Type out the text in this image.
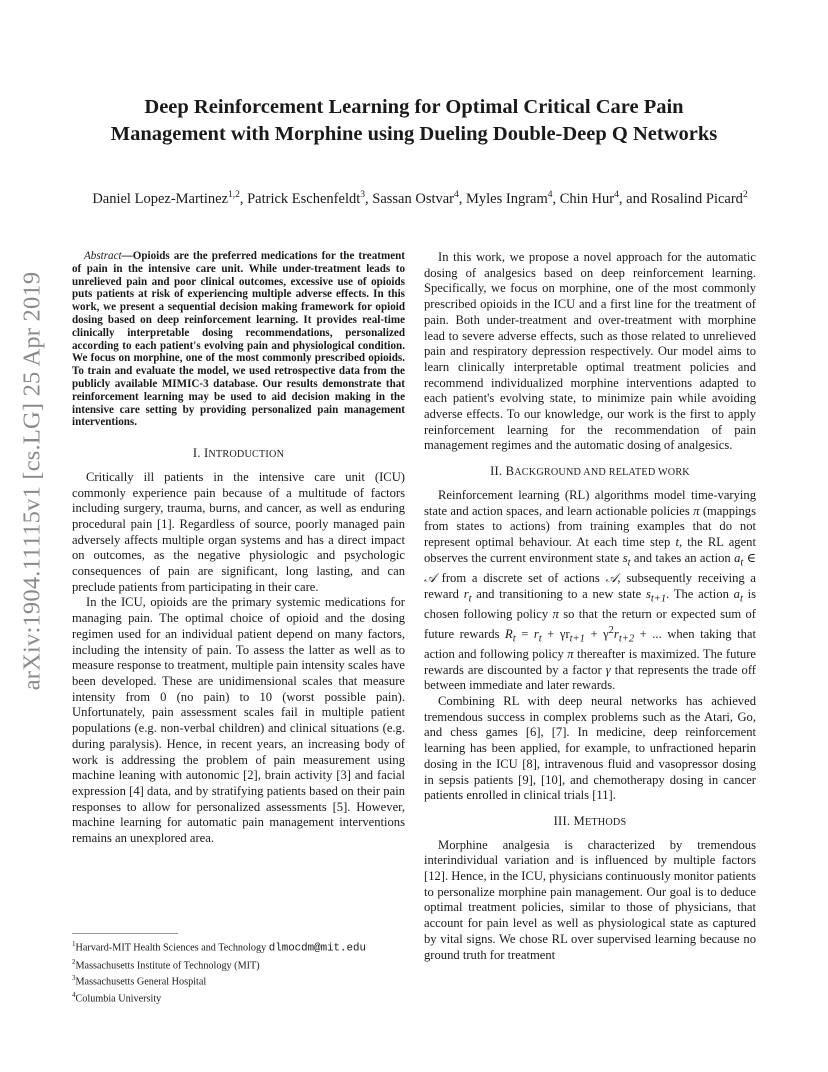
arXiv:1904.11115v1 [cs.LG] 25 Apr 2019
Deep Reinforcement Learning for Optimal Critical Care Pain
Management with Morphine using Dueling Double-Deep Q Networks
Daniel Lopez-Martinez$^{1,2}$, Patrick Eschenfeldt$^3$, Sassan Ostvar$^4$, Myles Ingram$^4$, Chin Hur$^4$, and Rosalind Picard$^2$

Abstract—Opioids are the preferred medications for the treatment of pain in the intensive care unit. While under-treatment leads to unrelieved pain and poor clinical outcomes, excessive use of opioids puts patients at risk of experiencing multiple adverse effects. In this work, we present a sequential decision making framework for opioid dosing based on deep reinforcement learning. It provides real-time clinically interpretable dosing recommendations, personalized according to each patient's evolving pain and physiological condition. We focus on morphine, one of the most commonly prescribed opioids. To train and evaluate the model, we used retrospective data from the publicly available MIMIC-3 database. Our results demonstrate that reinforcement learning may be used to aid decision making in the intensive care setting by providing personalized pain management interventions.

I. INTRODUCTION

Critically ill patients in the intensive care unit (ICU) commonly experience pain because of a multitude of factors including surgery, trauma, burns, and cancer, as well as enduring procedural pain [1]. Regardless of source, poorly managed pain adversely affects multiple organ systems and has a direct impact on outcomes, as the negative physiologic and psychologic consequences of pain are significant, long lasting, and can preclude patients from participating in their care.

In the ICU, opioids are the primary systemic medications for managing pain. The optimal choice of opioid and the dosing regimen used for an individual patient depend on many factors, including the intensity of pain. To assess the latter as well as to measure response to treatment, multiple pain intensity scales have been developed. These are unidimensional scales that measure intensity from 0 (no pain) to 10 (worst possible pain). Unfortunately, pain assessment scales fail in multiple patient populations (e.g. non-verbal children) and clinical situations (e.g. during paralysis). Hence, in recent years, an increasing body of work is addressing the problem of pain measurement using machine leaning with autonomic [2], brain activity [3] and facial expression [4] data, and by stratifying patients based on their pain responses to allow for personalized assessments [5]. However, machine learning for automatic pain management interventions remains an unexplored area.

$^1$Harvard-MIT Health Sciences and Technology dlmocdm@mit.edu
$^2$Massachusetts Institute of Technology (MIT)
$^3$Massachusetts General Hospital
$^4$Columbia University

In this work, we propose a novel approach for the automatic dosing of analgesics based on deep reinforcement learning. Specifically, we focus on morphine, one of the most commonly prescribed opioids in the ICU and a first line for the treatment of pain. Both under-treatment and over-treatment with morphine lead to severe adverse effects, such as those related to unrelieved pain and respiratory depression respectively. Our model aims to learn clinically interpretable optimal treatment policies and recommend individualized morphine interventions adapted to each patient's evolving state, to minimize pain while avoiding adverse effects. To our knowledge, our work is the first to apply reinforcement learning for the recommendation of pain management regimes and the automatic dosing of analgesics.

II. BACKGROUND AND RELATED WORK

Reinforcement learning (RL) algorithms model time-varying state and action spaces, and learn actionable policies π (mappings from states to actions) from training examples that do not represent optimal behaviour. At each time step t, the RL agent observes the current environment state $s_t$ and takes an action $a_t$ ∈ 𝒜 from a discrete set of actions 𝒜, subsequently receiving a reward $r_t$ and transitioning to a new state $s_{t+1}$. The action $a_t$ is chosen following policy π so that the return or expected sum of future rewards $R_t = r_t + \gamma r_{t+1} + \gamma^2r_{t+2}$ + ... when taking that action and following policy π thereafter is maximized. The future rewards are discounted by a factor γ that represents the trade off between immediate and later rewards.

Combining RL with deep neural networks has achieved tremendous success in complex problems such as the Atari, Go, and chess games [6], [7]. In medicine, deep reinforcement learning has been applied, for example, to unfractioned heparin dosing in the ICU [8], intravenous fluid and vasopressor dosing in sepsis patients [9], [10], and chemotherapy dosing in cancer patients enrolled in clinical trials [11].

III. METHODS

Morphine analgesia is characterized by tremendous interindividual variation and is influenced by multiple factors [12]. Hence, in the ICU, physicians continuously monitor patients to personalize morphine pain management. Our goal is to deduce optimal treatment policies, similar to those of physicians, that account for pain level as well as physiological state as captured by vital signs. We chose RL over supervised learning because no ground truth for treatment
